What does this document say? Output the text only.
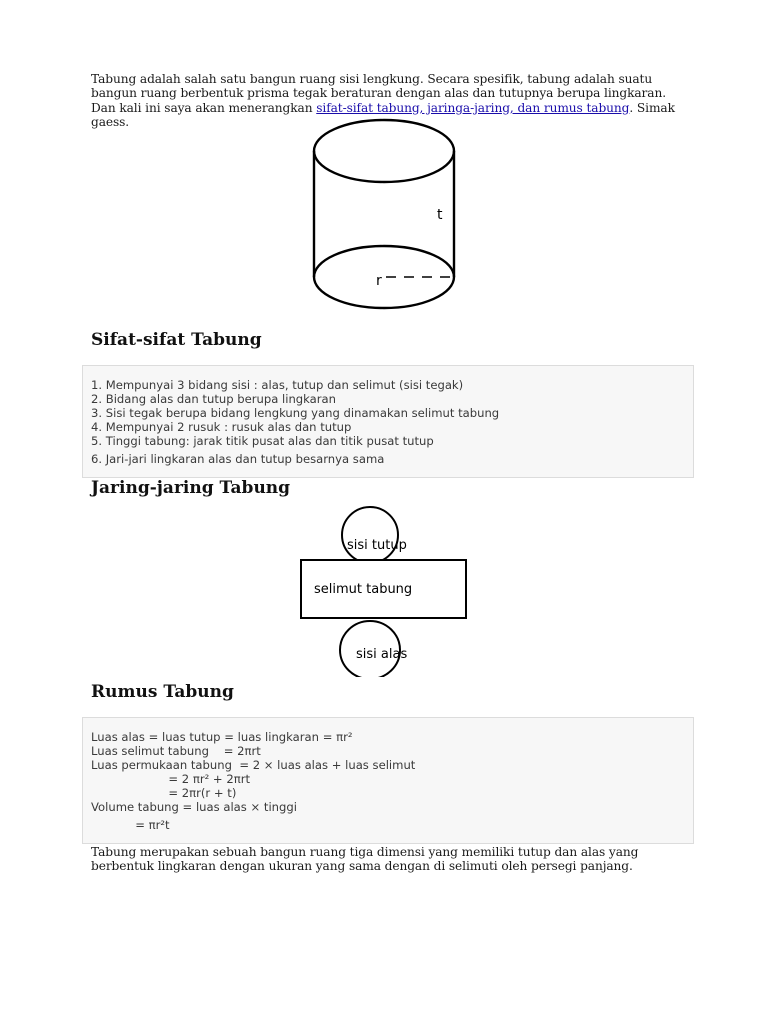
Tabung adalah salah satu bangun ruang sisi lengkung. Secara spesifik, tabung adalah suatu bangun ruang berbentuk prisma tegak beraturan dengan alas dan tutupnya berupa lingkaran. Dan kali ini saya akan menerangkan sifat-sifat tabung, jaringa-jaring, dan rumus tabung. Simak gaess.

t
r
Sifat-sifat Tabung
1. Mempunyai 3 bidang sisi : alas, tutup dan selimut (sisi tegak)
2. Bidang alas dan tutup berupa lingkaran
3. Sisi tegak berupa bidang lengkung yang dinamakan selimut tabung
4. Mempunyai 2 rusuk : rusuk alas dan tutup
5. Tinggi tabung: jarak titik pusat alas dan titik pusat tutup
6. Jari-jari lingkaran alas dan tutup besarnya sama
Jaring-jaring Tabung
sisi tutup
selimut tabung
sisi alas
Rumus Tabung
Luas alas = luas tutup = luas lingkaran = πr²
Luas selimut tabung    = 2πrt
Luas permukaan tabung  = 2 × luas alas + luas selimut
= 2 πr² + 2πrt
= 2πr(r + t)
Volume tabung = luas alas × tinggi
= πr²t

Tabung merupakan sebuah bangun ruang tiga dimensi yang memiliki tutup dan alas yang berbentuk lingkaran dengan ukuran yang sama dengan di selimuti oleh persegi panjang.
